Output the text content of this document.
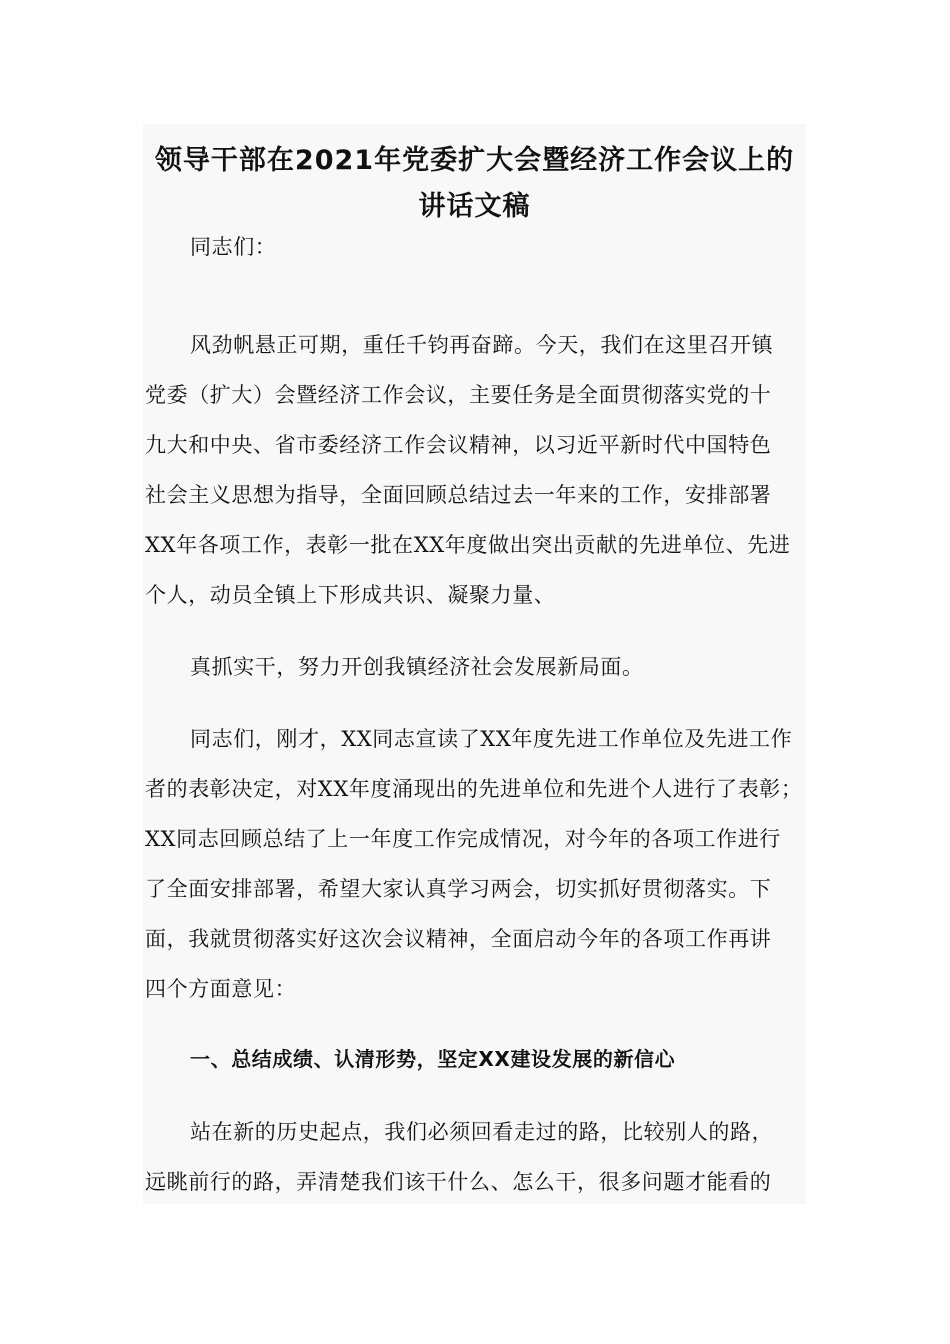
领导干部在2021年党委扩大会暨经济工作会议上的
讲话文稿

同志们：

风劲帆悬正可期，重任千钧再奋蹄。今天，我们在这里召开镇

党委（扩大）会暨经济工作会议，主要任务是全面贯彻落实党的十

九大和中央、省市委经济工作会议精神，以习近平新时代中国特色

社会主义思想为指导，全面回顾总结过去一年来的工作，安排部署

XX年各项工作，表彰一批在XX年度做出突出贡献的先进单位、先进

个人，动员全镇上下形成共识、凝聚力量、

真抓实干，努力开创我镇经济社会发展新局面。

同志们，刚才，XX同志宣读了XX年度先进工作单位及先进工作

者的表彰决定，对XX年度涌现出的先进单位和先进个人进行了表彰；

XX同志回顾总结了上一年度工作完成情况，对今年的各项工作进行

了全面安排部署，希望大家认真学习两会，切实抓好贯彻落实。下

面，我就贯彻落实好这次会议精神，全面启动今年的各项工作再讲

四个方面意见：

一、总结成绩、认清形势，坚定XX建设发展的新信心

站在新的历史起点，我们必须回看走过的路，比较别人的路，

远眺前行的路，弄清楚我们该干什么、怎么干，很多问题才能看的
